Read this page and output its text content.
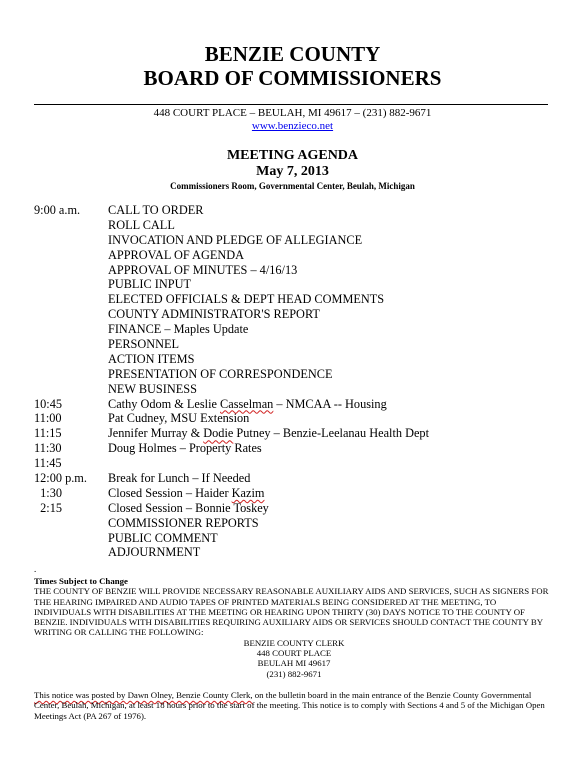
BENZIE COUNTY
BOARD OF COMMISSIONERS
448 COURT PLACE – BEULAH, MI 49617 – (231) 882-9671
www.benzieco.net
MEETING AGENDA
May 7, 2013
Commissioners Room, Governmental Center, Beulah, Michigan
9:00 a.m.	CALL TO ORDER
ROLL CALL
INVOCATION AND PLEDGE OF ALLEGIANCE
APPROVAL OF AGENDA
APPROVAL OF MINUTES – 4/16/13
PUBLIC INPUT
ELECTED OFFICIALS & DEPT HEAD COMMENTS
COUNTY ADMINISTRATOR'S REPORT
FINANCE – Maples Update
PERSONNEL
ACTION ITEMS
PRESENTATION OF CORRESPONDENCE
NEW BUSINESS
10:45	Cathy Odom & Leslie Casselman – NMCAA -- Housing
11:00	Pat Cudney, MSU Extension
11:15	Jennifer Murray & Dodie Putney – Benzie-Leelanau Health Dept
11:30	Doug Holmes – Property Rates
11:45
12:00 p.m.	Break for Lunch – If Needed
1:30	Closed Session – Haider Kazim
2:15	Closed Session – Bonnie Toskey
COMMISSIONER REPORTS
PUBLIC COMMENT
ADJOURNMENT
.
Times Subject to Change
THE COUNTY OF BENZIE WILL PROVIDE NECESSARY REASONABLE AUXILIARY AIDS AND SERVICES, SUCH AS SIGNERS FOR THE HEARING IMPAIRED AND AUDIO TAPES OF PRINTED MATERIALS BEING CONSIDERED AT THE MEETING, TO INDIVIDUALS WITH DISABILITIES AT THE MEETING OR HEARING UPON THIRTY (30) DAYS NOTICE TO THE COUNTY OF BENZIE. INDIVIDUALS WITH DISABILITIES REQUIRING AUXILIARY AIDS OR SERVICES SHOULD CONTACT THE COUNTY BY WRITING OR CALLING THE FOLLOWING:
BENZIE COUNTY CLERK
448 COURT PLACE
BEULAH MI 49617
(231) 882-9671
This notice was posted by Dawn Olney, Benzie County Clerk, on the bulletin board in the main entrance of the Benzie County Governmental Center, Beulah, Michigan, at least 18 hours prior to the start of the meeting. This notice is to comply with Sections 4 and 5 of the Michigan Open Meetings Act (PA 267 of 1976).
